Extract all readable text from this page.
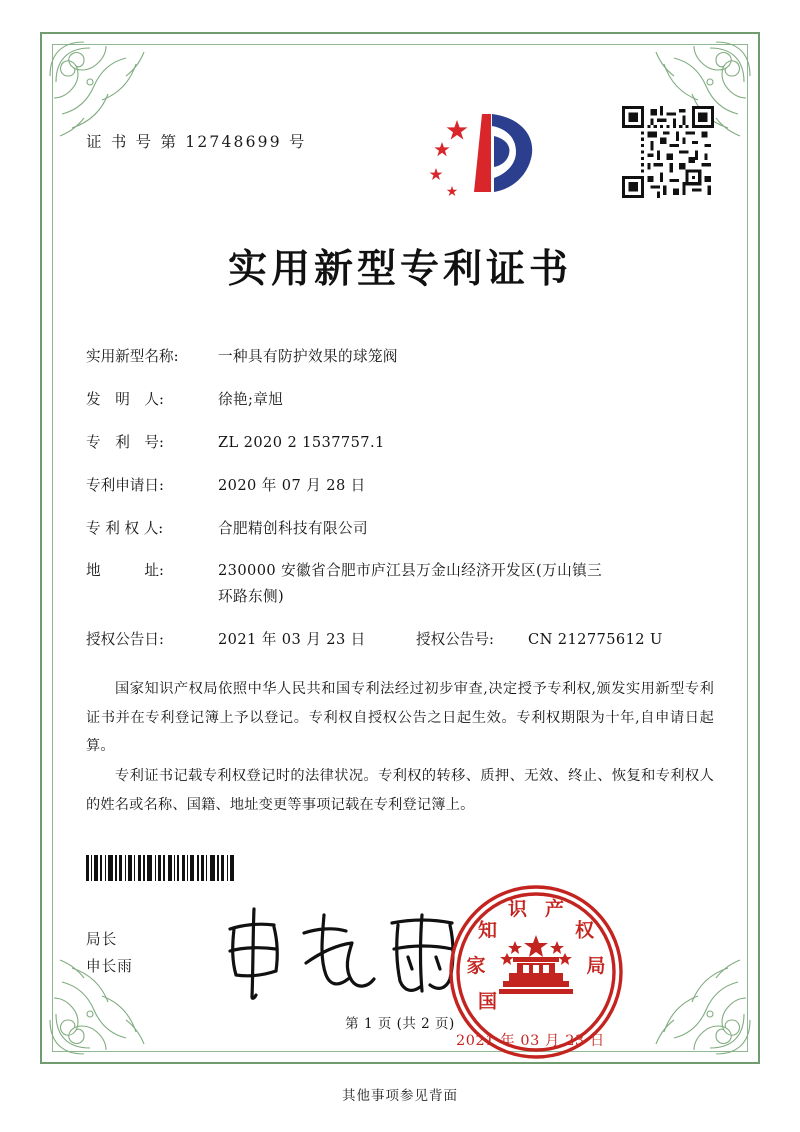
证 书 号 第 12748699 号
实用新型专利证书
实用新型名称:	一种具有防护效果的球笼阀
发　明　人:	徐艳;章旭
专　利　号:	ZL 2020 2 1537757.1
专利申请日:	2020 年 07 月 28 日
专 利 权 人:	合肥精创科技有限公司
地　　　址:	230000 安徽省合肥市庐江县万金山经济开发区(万山镇三
环路东侧)
授权公告日:	2021 年 03 月 23 日	授权公告号:	CN 212775612 U

国家知识产权局依照中华人民共和国专利法经过初步审查,决定授予专利权,颁发实用新型专利证书并在专利登记簿上予以登记。专利权自授权公告之日起生效。专利权期限为十年,自申请日起算。

专利证书记载专利权登记时的法律状况。专利权的转移、质押、无效、终止、恢复和专利权人的姓名或名称、国籍、地址变更等事项记载在专利登记簿上。

局长
申长雨
国
家
知
识 产
权
局
2021 年 03 月 23 日
第 1 页 (共 2 页)
其他事项参见背面
